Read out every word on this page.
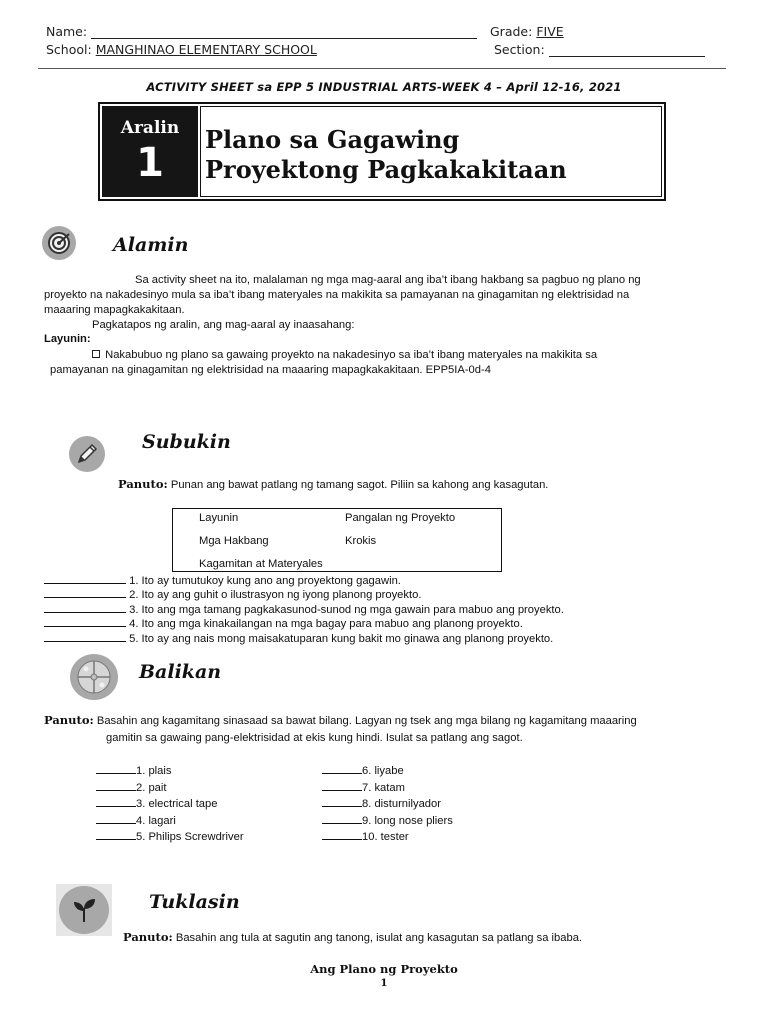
Name:	Grade: FIVE
School: MANGHINAO ELEMENTARY SCHOOL	Section:
ACTIVITY SHEET sa EPP 5 INDUSTRIAL ARTS-WEEK 4 – April 12-16, 2021
Aralin
1
Plano sa Gagawing
Proyektong Pagkakakitaan
Alamin
Sa activity sheet na ito, malalaman ng mga mag-aaral ang iba’t ibang hakbang sa pagbuo ng plano ng
proyekto na nakadesinyo mula sa iba’t ibang materyales na makikita sa pamayanan na ginagamitan ng elektrisidad na
maaaring mapagkakakitaan.
Pagkatapos ng aralin, ang mag-aaral ay inaasahang:
Layunin:
Nakabubuo ng plano sa gawaing proyekto na nakadesinyo sa iba’t ibang materyales na makikita sa
pamayanan na ginagamitan ng elektrisidad na maaaring mapagkakakitaan. EPP5IA-0d-4
Subukin
Panuto: Punan ang bawat patlang ng tamang sagot. Piliin sa kahong ang kasagutan.
Layunin	Pangalan ng Proyekto
Mga Hakbang	Krokis
Kagamitan at Materyales
1. Ito ay tumutukoy kung ano ang proyektong gagawin.
2. Ito ay ang guhit o ilustrasyon ng iyong planong proyekto.
3. Ito ang mga tamang pagkakasunod-sunod ng mga gawain para mabuo ang proyekto.
4. Ito ang mga kinakailangan na mga bagay para mabuo ang planong proyekto.
5. Ito ay ang nais mong maisakatuparan kung bakit mo ginawa ang planong proyekto.
Balikan
Panuto: Basahin ang kagamitang sinasaad sa bawat bilang. Lagyan ng tsek ang mga bilang ng kagamitang maaaring
gamitin sa gawaing pang-elektrisidad at ekis kung hindi. Isulat sa patlang ang sagot.
1. plais
2. pait
3. electrical tape
4. lagari
5. Philips Screwdriver
6. liyabe
7. katam
8. disturnilyador
9. long nose pliers
10. tester
Tuklasin
Panuto: Basahin ang tula at sagutin ang tanong, isulat ang kasagutan sa patlang sa ibaba.
Ang Plano ng Proyekto
1
